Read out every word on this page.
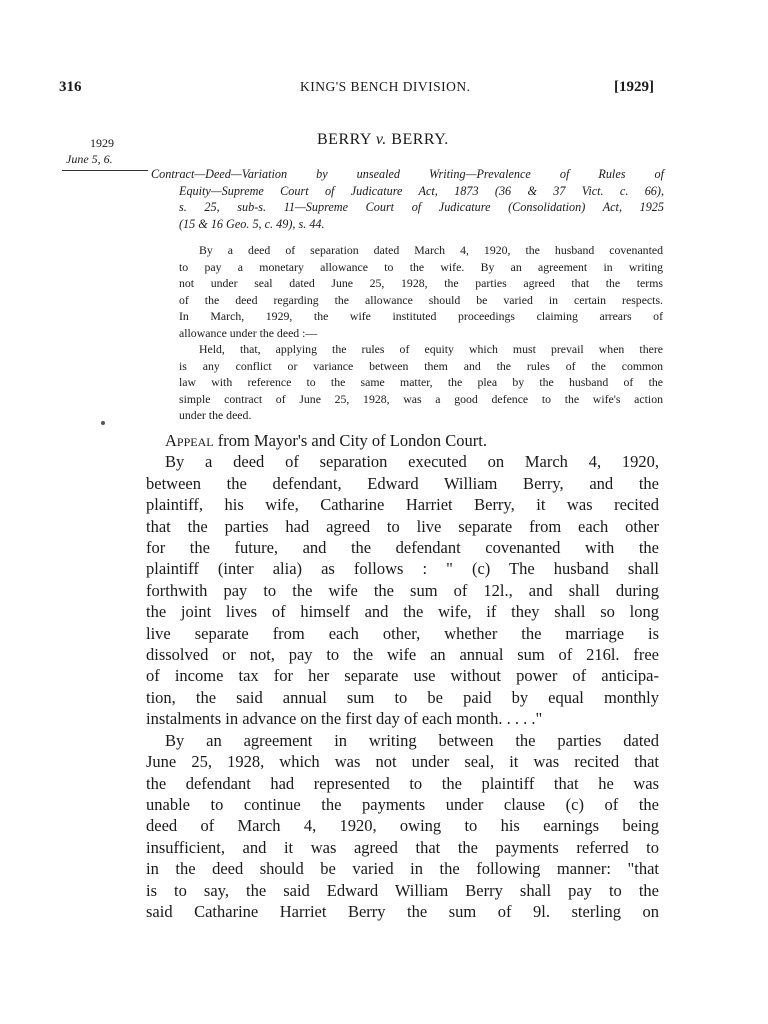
316	KING'S BENCH DIVISION.	[1929]
1929
June 5, 6.
BERRY v. BERRY.
Contract—Deed—Variation by unsealed Writing—Prevalence of Rules of
Equity—Supreme Court of Judicature Act, 1873 (36 & 37 Vict. c. 66),
s. 25, sub-s. 11—Supreme Court of Judicature (Consolidation) Act, 1925
(15 & 16 Geo. 5, c. 49), s. 44.
By a deed of separation dated March 4, 1920, the husband covenanted
to pay a monetary allowance to the wife. By an agreement in writing
not under seal dated June 25, 1928, the parties agreed that the terms
of the deed regarding the allowance should be varied in certain respects.
In March, 1929, the wife instituted proceedings claiming arrears of
allowance under the deed :—
Held, that, applying the rules of equity which must prevail when there
is any conflict or variance between them and the rules of the common
law with reference to the same matter, the plea by the husband of the
simple contract of June 25, 1928, was a good defence to the wife's action
under the deed.
Appeal from Mayor's and City of London Court.
By a deed of separation executed on March 4, 1920,
between the defendant, Edward William Berry, and the
plaintiff, his wife, Catharine Harriet Berry, it was recited
that the parties had agreed to live separate from each other
for the future, and the defendant covenanted with the
plaintiff (inter alia) as follows : " (c) The husband shall
forthwith pay to the wife the sum of 12l., and shall during
the joint lives of himself and the wife, if they shall so long
live separate from each other, whether the marriage is
dissolved or not, pay to the wife an annual sum of 216l. free
of income tax for her separate use without power of anticipa-
tion, the said annual sum to be paid by equal monthly
instalments in advance on the first day of each month. . . . ."
By an agreement in writing between the parties dated
June 25, 1928, which was not under seal, it was recited that
the defendant had represented to the plaintiff that he was
unable to continue the payments under clause (c) of the
deed of March 4, 1920, owing to his earnings being
insufficient, and it was agreed that the payments referred to
in the deed should be varied in the following manner: "that
is to say, the said Edward William Berry shall pay to the
said Catharine Harriet Berry the sum of 9l. sterling on
